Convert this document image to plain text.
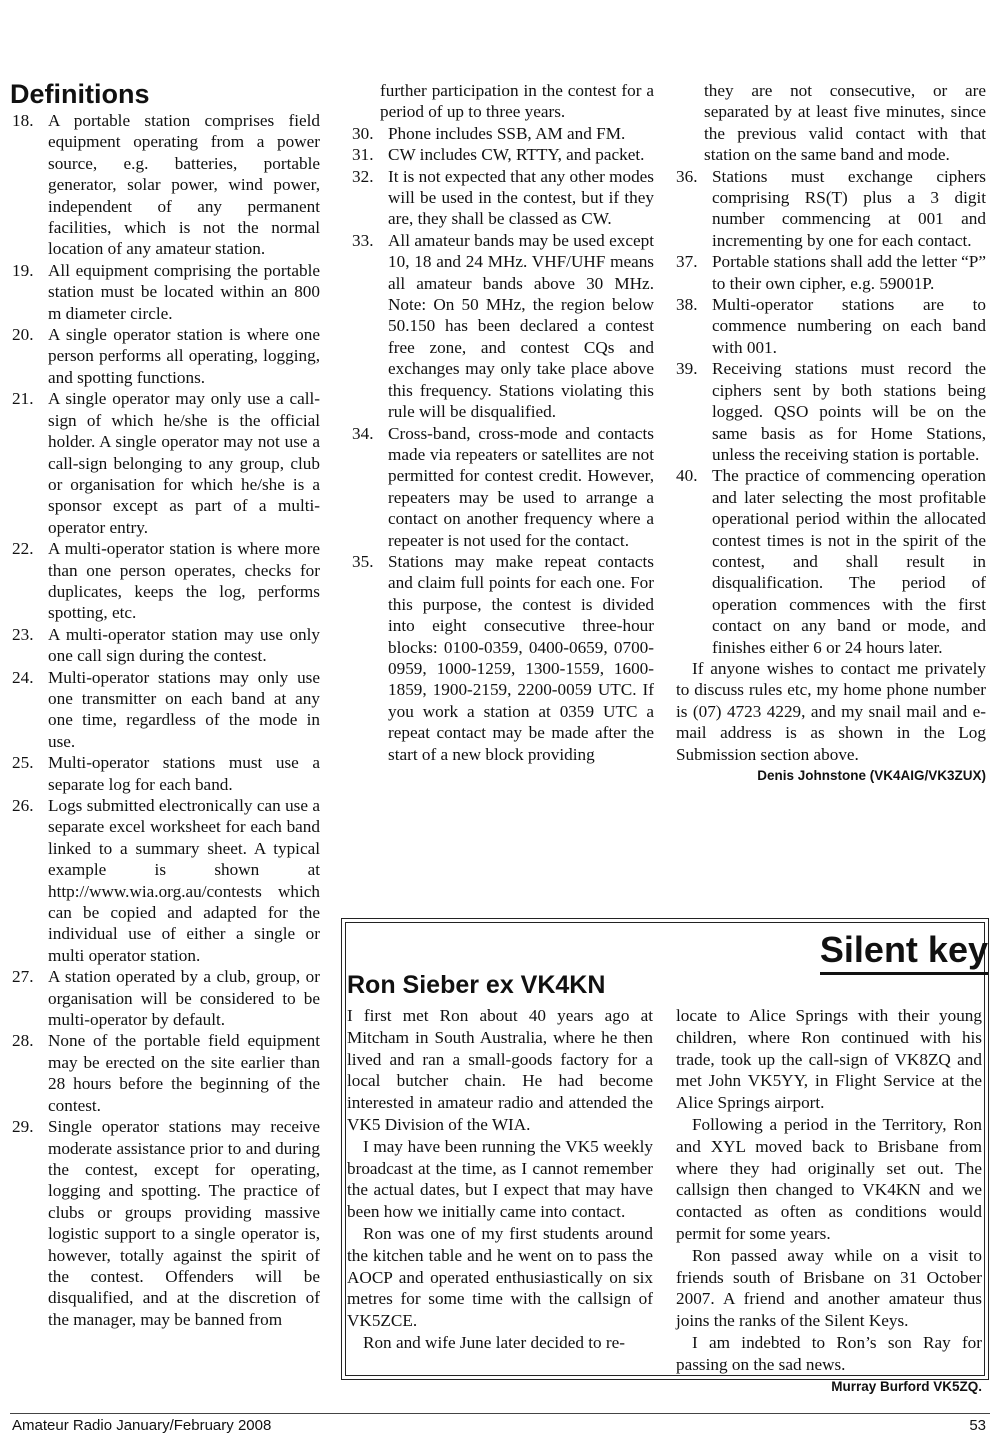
Definitions
18. A portable station comprises field equipment operating from a power source, e.g. batteries, portable generator, solar power, wind power, independent of any permanent facilities, which is not the normal location of any amateur station.
19. All equipment comprising the portable station must be located within an 800 m diameter circle.
20. A single operator station is where one person performs all operating, logging, and spotting functions.
21. A single operator may only use a call-sign of which he/she is the official holder. A single operator may not use a call-sign belonging to any group, club or organisation for which he/she is a sponsor except as part of a multi-operator entry.
22. A multi-operator station is where more than one person operates, checks for duplicates, keeps the log, performs spotting, etc.
23. A multi-operator station may use only one call sign during the contest.
24. Multi-operator stations may only use one transmitter on each band at any one time, regardless of the mode in use.
25. Multi-operator stations must use a separate log for each band.
26. Logs submitted electronically can use a separate excel worksheet for each band linked to a summary sheet. A typical example is shown at http://www.wia.org.au/contests which can be copied and adapted for the individual use of either a single or multi operator station.
27. A station operated by a club, group, or organisation will be considered to be multi-operator by default.
28. None of the portable field equipment may be erected on the site earlier than 28 hours before the beginning of the contest.
29. Single operator stations may receive moderate assistance prior to and during the contest, except for operating, logging and spotting. The practice of clubs or groups providing massive logistic support to a single operator is, however, totally against the spirit of the contest. Offenders will be disqualified, and at the discretion of the manager, may be banned from
further participation in the contest for a period of up to three years.
30. Phone includes SSB, AM and FM.
31. CW includes CW, RTTY, and packet.
32. It is not expected that any other modes will be used in the contest, but if they are, they shall be classed as CW.
33. All amateur bands may be used except 10, 18 and 24 MHz. VHF/UHF means all amateur bands above 30 MHz. Note: On 50 MHz, the region below 50.150 has been declared a contest free zone, and contest CQs and exchanges may only take place above this frequency. Stations violating this rule will be disqualified.
34. Cross-band, cross-mode and contacts made via repeaters or satellites are not permitted for contest credit. However, repeaters may be used to arrange a contact on another frequency where a repeater is not used for the contact.
35. Stations may make repeat contacts and claim full points for each one. For this purpose, the contest is divided into eight consecutive three-hour blocks: 0100-0359, 0400-0659, 0700-0959, 1000-1259, 1300-1559, 1600-1859, 1900-2159, 2200-0059 UTC. If you work a station at 0359 UTC a repeat contact may be made after the start of a new block providing
they are not consecutive, or are separated by at least five minutes, since the previous valid contact with that station on the same band and mode.
36. Stations must exchange ciphers comprising RS(T) plus a 3 digit number commencing at 001 and incrementing by one for each contact.
37. Portable stations shall add the letter “P” to their own cipher, e.g. 59001P.
38. Multi-operator stations are to commence numbering on each band with 001.
39. Receiving stations must record the ciphers sent by both stations being logged. QSO points will be on the same basis as for Home Stations, unless the receiving station is portable.
40. The practice of commencing operation and later selecting the most profitable operational period within the allocated contest times is not in the spirit of the contest, and shall result in disqualification. The period of operation commences with the first contact on any band or mode, and finishes either 6 or 24 hours later.
If anyone wishes to contact me privately to discuss rules etc, my home phone number is (07) 4723 4229, and my snail mail and e-mail address is as shown in the Log Submission section above.
Denis Johnstone (VK4AIG/VK3ZUX)
Silent key
Ron Sieber ex VK4KN
I first met Ron about 40 years ago at Mitcham in South Australia, where he then lived and ran a small-goods factory for a local butcher chain. He had become interested in amateur radio and attended the VK5 Division of the WIA.
I may have been running the VK5 weekly broadcast at the time, as I cannot remember the actual dates, but I expect that may have been how we initially came into contact.
Ron was one of my first students around the kitchen table and he went on to pass the AOCP and operated enthusiastically on six metres for some time with the callsign of VK5ZCE.
Ron and wife June later decided to re-
locate to Alice Springs with their young children, where Ron continued with his trade, took up the call-sign of VK8ZQ and met John VK5YY, in Flight Service at the Alice Springs airport.
Following a period in the Territory, Ron and XYL moved back to Brisbane from where they had originally set out. The callsign then changed to VK4KN and we contacted as often as conditions would permit for some years.
Ron passed away while on a visit to friends south of Brisbane on 31 October 2007. A friend and another amateur thus joins the ranks of the Silent Keys.
I am indebted to Ron’s son Ray for passing on the sad news.
Murray Burford VK5ZQ.
Amateur Radio January/February 2008	53
